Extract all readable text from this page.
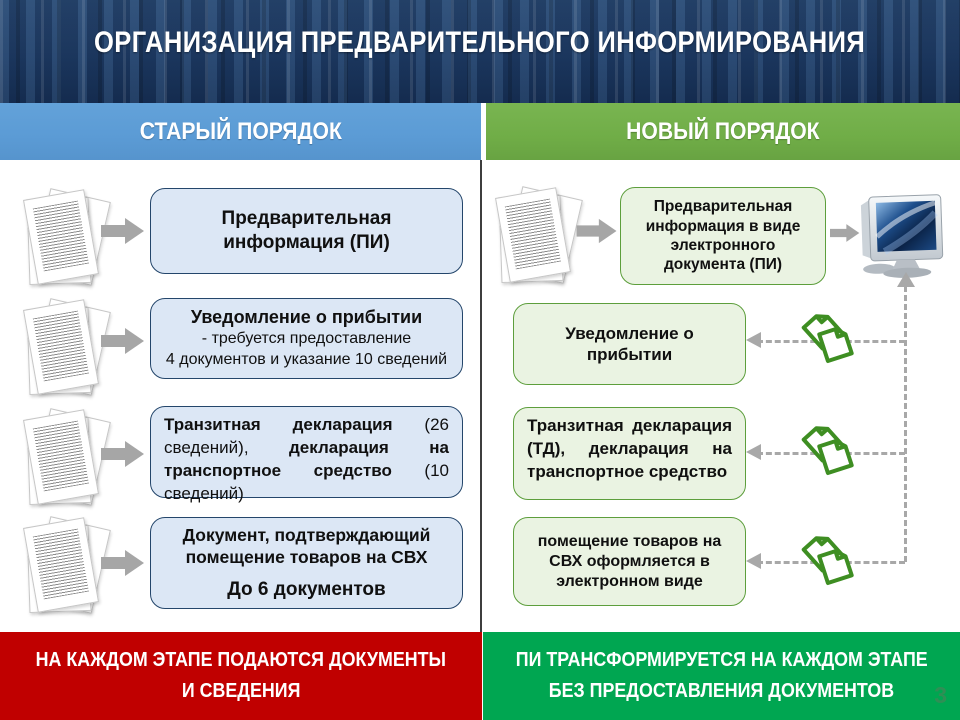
ОРГАНИЗАЦИЯ ПРЕДВАРИТЕЛЬНОГО ИНФОРМИРОВАНИЯ
СТАРЫЙ ПОРЯДОК	НОВЫЙ ПОРЯДОК
Предварительная информация (ПИ)
Уведомление о прибытии
- требуется предоставление
4 документов и указание 10 сведений
Транзитная декларация (26 сведений), декларация на транспортное средство (10 сведений)
Документ, подтверждающий помещение товаров на СВХ
До 6 документов
Предварительная информация в виде электронного документа (ПИ)
Уведомление о прибытии
Транзитная декларация (ТД), декларация на транспортное средство
помещение товаров на СВХ оформляется в электронном виде
НА КАЖДОМ ЭТАПЕ ПОДАЮТСЯ ДОКУМЕНТЫ
И СВЕДЕНИЯ
ПИ ТРАНСФОРМИРУЕТСЯ НА КАЖДОМ ЭТАПЕ
БЕЗ ПРЕДОСТАВЛЕНИЯ ДОКУМЕНТОВ 3
